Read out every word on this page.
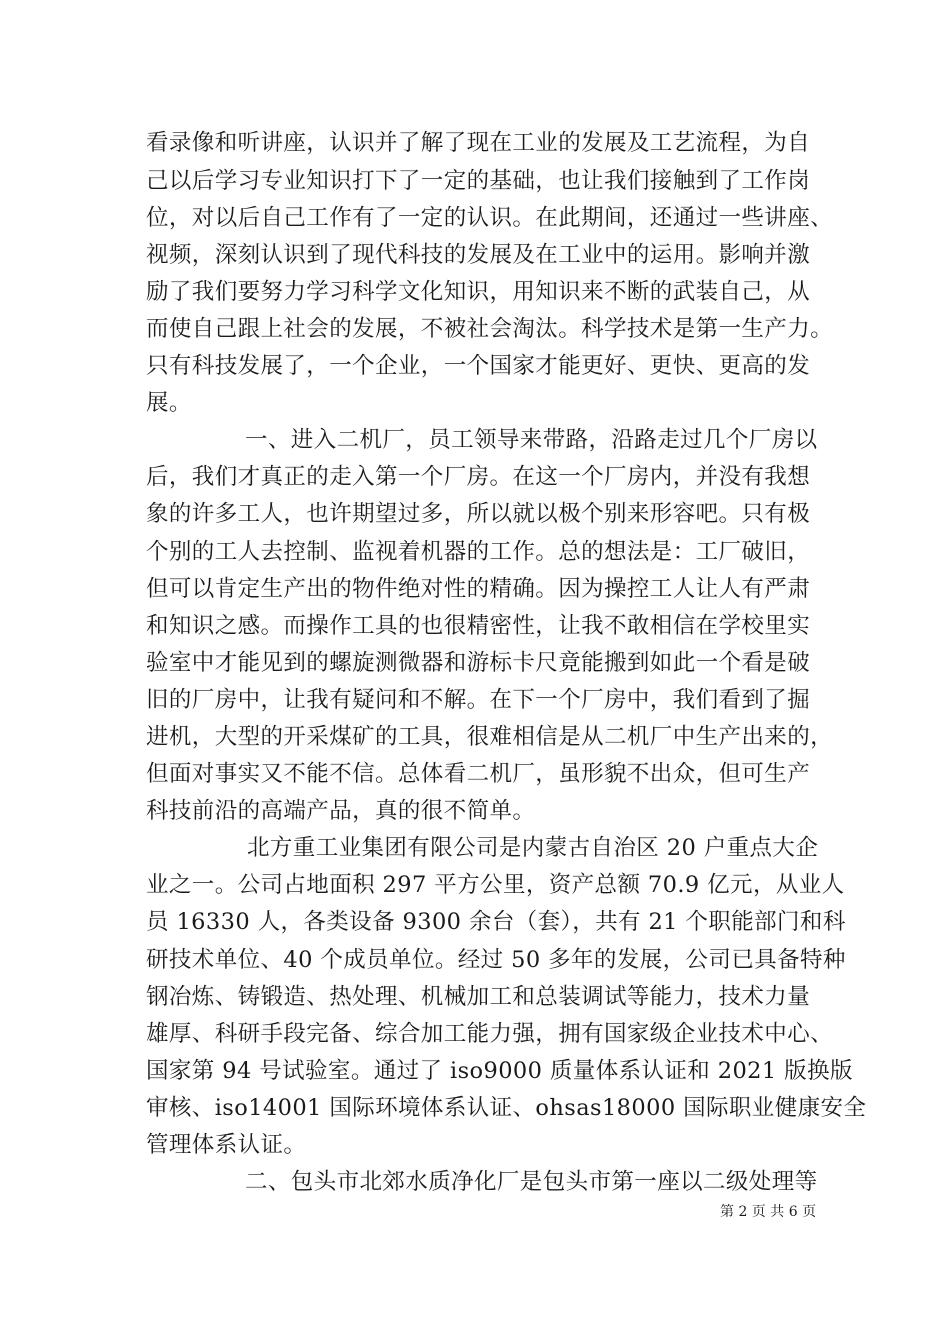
看录像和听讲座，认识并了解了现在工业的发展及工艺流程，为自
己以后学习专业知识打下了一定的基础，也让我们接触到了工作岗
位，对以后自己工作有了一定的认识。在此期间，还通过一些讲座、
视频，深刻认识到了现代科技的发展及在工业中的运用。影响并激
励了我们要努力学习科学文化知识，用知识来不断的武装自己，从
而使自己跟上社会的发展，不被社会淘汰。科学技术是第一生产力。
只有科技发展了，一个企业，一个国家才能更好、更快、更高的发
展。
一、进入二机厂，员工领导来带路，沿路走过几个厂房以
后，我们才真正的走入第一个厂房。在这一个厂房内，并没有我想
象的许多工人，也许期望过多，所以就以极个别来形容吧。只有极
个别的工人去控制、监视着机器的工作。总的想法是：工厂破旧，
但可以肯定生产出的物件绝对性的精确。因为操控工人让人有严肃
和知识之感。而操作工具的也很精密性，让我不敢相信在学校里实
验室中才能见到的螺旋测微器和游标卡尺竟能搬到如此一个看是破
旧的厂房中，让我有疑问和不解。在下一个厂房中，我们看到了掘
进机，大型的开采煤矿的工具，很难相信是从二机厂中生产出来的，
但面对事实又不能不信。总体看二机厂，虽形貌不出众，但可生产
科技前沿的高端产品，真的很不简单。
北方重工业集团有限公司是内蒙古自治区 20 户重点大企
业之一。公司占地面积 297 平方公里，资产总额 70.9 亿元，从业人
员 16330 人，各类设备 9300 余台（套），共有 21 个职能部门和科
研技术单位、40 个成员单位。经过 50 多年的发展，公司已具备特种
钢冶炼、铸锻造、热处理、机械加工和总装调试等能力，技术力量
雄厚、科研手段完备、综合加工能力强，拥有国家级企业技术中心、
国家第 94 号试验室。通过了 iso9000 质量体系认证和 2021 版换版
审核、iso14001 国际环境体系认证、ohsas18000 国际职业健康安全
管理体系认证。
二、包头市北郊水质净化厂是包头市第一座以二级处理等
第 2 页 共 6 页
